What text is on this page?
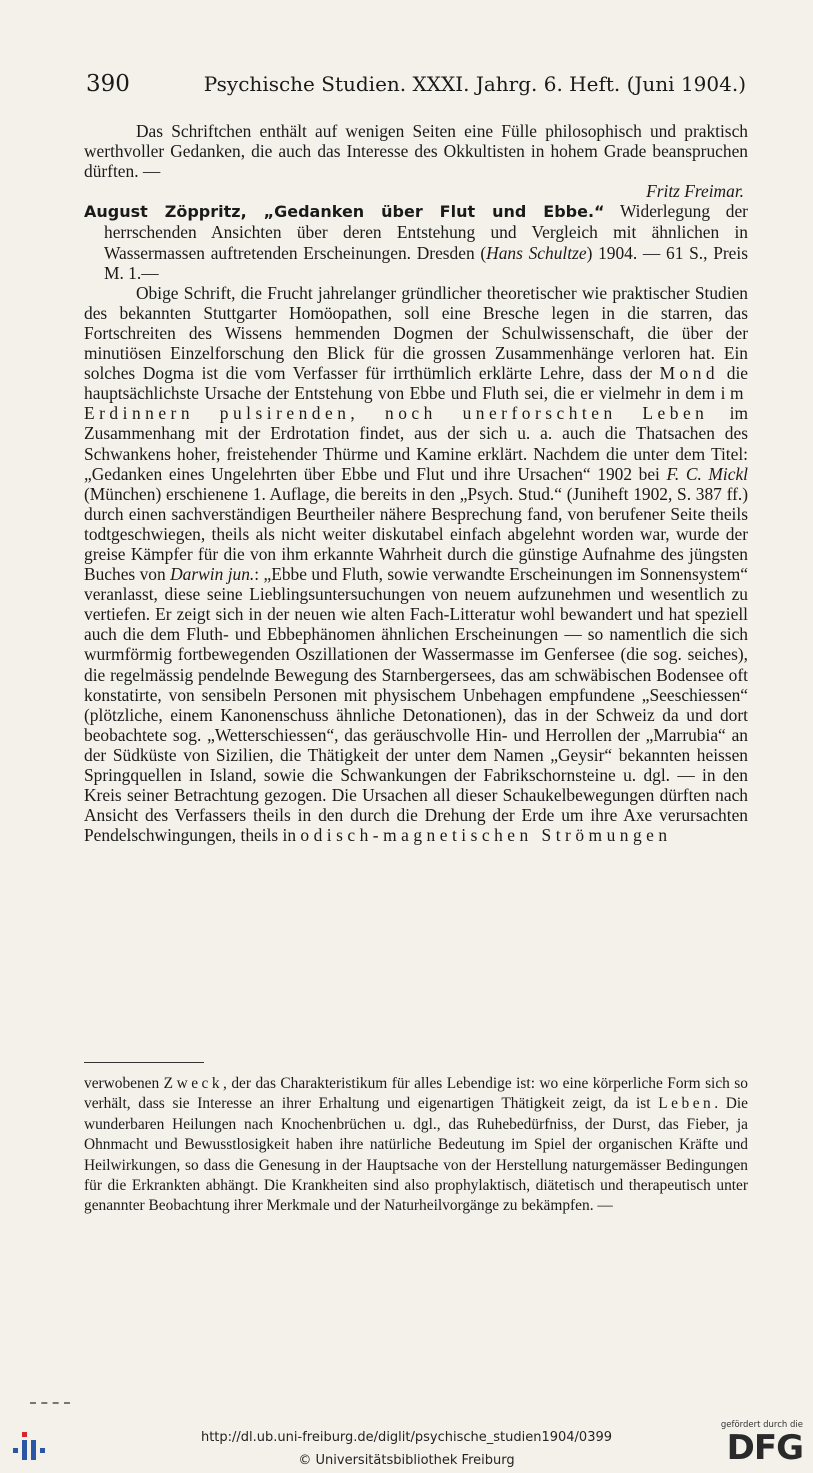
390	Psychische Studien. XXXI. Jahrg. 6. Heft. (Juni 1904.)

Das Schriftchen enthält auf wenigen Seiten eine Fülle philosophisch und praktisch werthvoller Gedanken, die auch das Interesse des Okkultisten in hohem Grade beanspruchen dürften. —

Fritz Freimar.

August Zöppritz, „Gedanken über Flut und Ebbe.“ Widerlegung der herrschenden Ansichten über deren Entstehung und Vergleich mit ähnlichen in Wassermassen auftretenden Erscheinungen. Dresden (Hans Schultze) 1904. — 61 S., Preis M. 1.—

Obige Schrift, die Frucht jahrelanger gründlicher theoretischer wie praktischer Studien des bekannten Stuttgarter Homöopathen, soll eine Bresche legen in die starren, das Fortschreiten des Wissens hemmenden Dogmen der Schulwissenschaft, die über der minutiösen Einzelforschung den Blick für die grossen Zusammenhänge verloren hat. Ein solches Dogma ist die vom Verfasser für irrthümlich erklärte Lehre, dass der Mond die hauptsächlichste Ursache der Entstehung von Ebbe und Fluth sei, die er vielmehr in dem im Erdinnern pulsirenden, noch unerforschten Leben im Zusammenhang mit der Erdrotation findet, aus der sich u. a. auch die Thatsachen des Schwankens hoher, freistehender Thürme und Kamine erklärt. Nachdem die unter dem Titel: „Gedanken eines Ungelehrten über Ebbe und Flut und ihre Ursachen“ 1902 bei F. C. Mickl (München) erschienene 1. Auflage, die bereits in den „Psych. Stud.“ (Juniheft 1902, S. 387 ff.) durch einen sachverständigen Beurtheiler nähere Besprechung fand, von berufener Seite theils todtgeschwiegen, theils als nicht weiter diskutabel einfach abgelehnt worden war, wurde der greise Kämpfer für die von ihm erkannte Wahrheit durch die günstige Aufnahme des jüngsten Buches von Darwin jun.: „Ebbe und Fluth, sowie verwandte Erscheinungen im Sonnensystem“ veranlasst, diese seine Lieblingsuntersuchungen von neuem aufzunehmen und wesentlich zu vertiefen. Er zeigt sich in der neuen wie alten Fach-Litteratur wohl bewandert und hat speziell auch die dem Fluth- und Ebbephänomen ähnlichen Erscheinungen — so namentlich die sich wurmförmig fortbewegenden Oszillationen der Wassermasse im Genfersee (die sog. seiches), die regelmässig pendelnde Bewegung des Starnbergersees, das am schwäbischen Bodensee oft konstatirte, von sensibeln Personen mit physischem Unbehagen empfundene „Seeschiessen“ (plötzliche, einem Kanonenschuss ähnliche Detonationen), das in der Schweiz da und dort beobachtete sog. „Wetterschiessen“, das geräuschvolle Hin- und Herrollen der „Marrubia“ an der Südküste von Sizilien, die Thätigkeit der unter dem Namen „Geysir“ bekannten heissen Springquellen in Island, sowie die Schwankungen der Fabrikschornsteine u. dgl. — in den Kreis seiner Betrachtung gezogen. Die Ursachen all dieser Schaukelbewegungen dürften nach Ansicht des Verfassers theils in den durch die Drehung der Erde um ihre Axe verursachten Pendelschwingungen, theils in odisch-magnetischen Strömungen

verwobenen Zweck, der das Charakteristikum für alles Lebendige ist: wo eine körperliche Form sich so verhält, dass sie Interesse an ihrer Erhaltung und eigenartigen Thätigkeit zeigt, da ist Leben. Die wunderbaren Heilungen nach Knochenbrüchen u. dgl., das Ruhebedürfniss, der Durst, das Fieber, ja Ohnmacht und Bewusstlosigkeit haben ihre natürliche Bedeutung im Spiel der organischen Kräfte und Heilwirkungen, so dass die Genesung in der Hauptsache von der Herstellung naturgemässer Bedingungen für die Erkrankten abhängt. Die Krankheiten sind also prophylaktisch, diätetisch und therapeutisch unter genannter Beobachtung ihrer Merkmale und der Naturheilvorgänge zu bekämpfen. —
http://dl.ub.uni-freiburg.de/diglit/psychische_studien1904/0399
© Universitätsbibliothek Freiburg
gefördert durch die
DFG
